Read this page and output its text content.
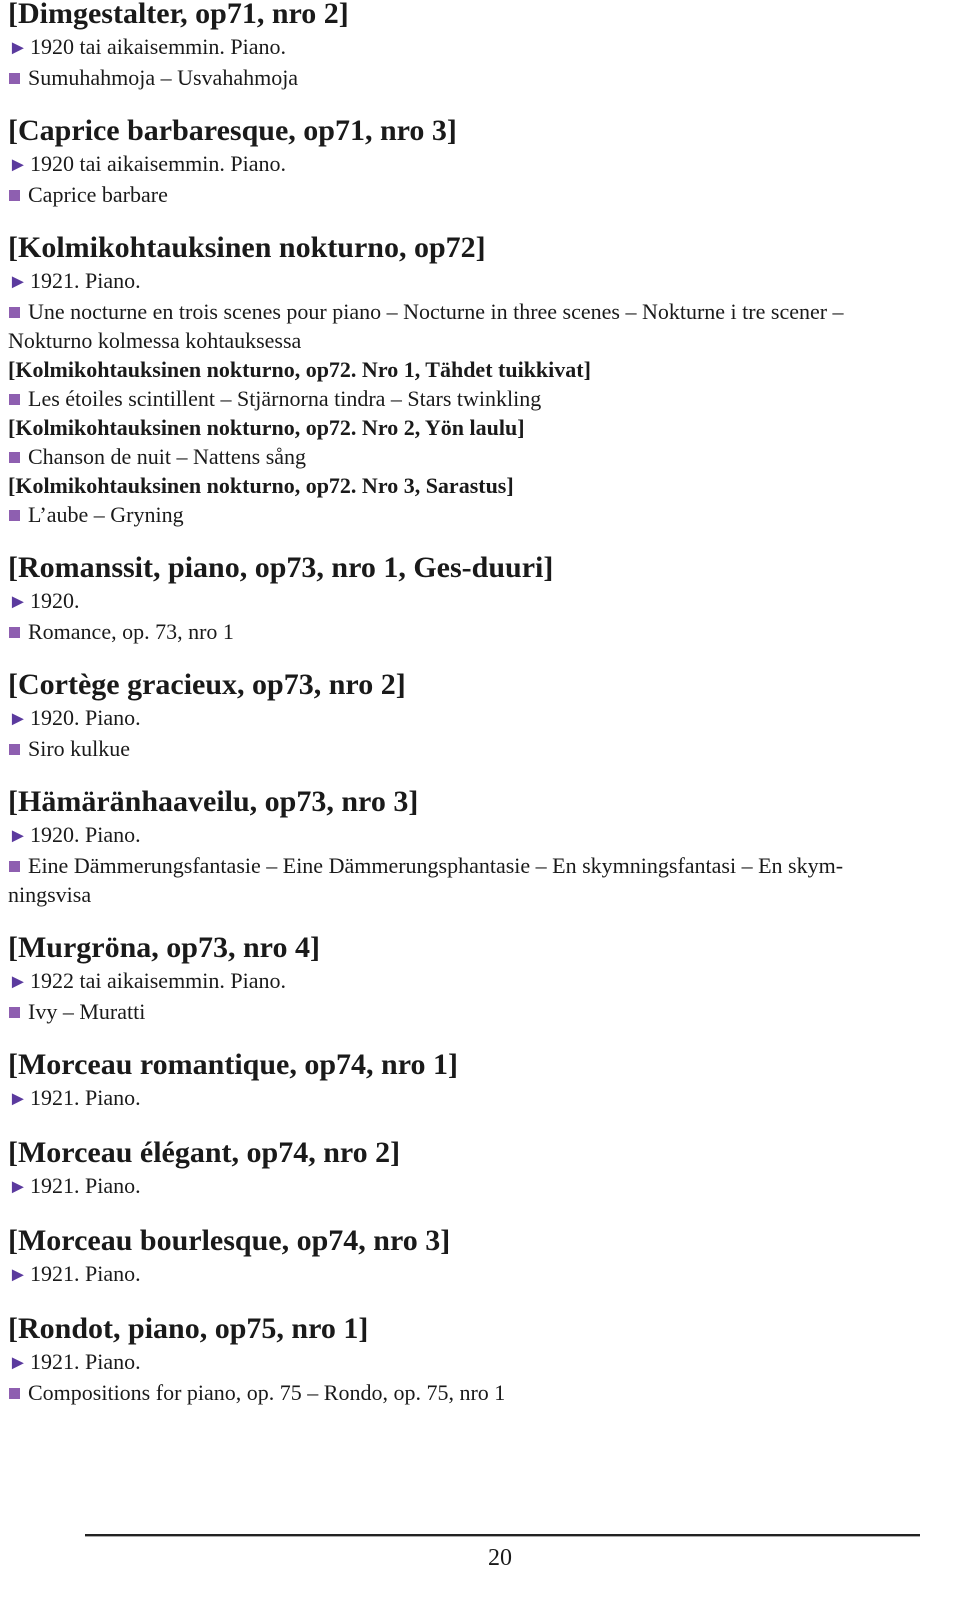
[Dimgestalter, op71, nro 2]

► 1920 tai aikaisemmin. Piano.

Sumuhahmoja – Usvahahmoja

[Caprice barbaresque, op71, nro 3]

► 1920 tai aikaisemmin. Piano.

Caprice barbare

[Kolmikohtauksinen nokturno, op72]

► 1921. Piano.

Une nocturne en trois scenes pour piano – Nocturne in three scenes – Nokturne i tre scener –

Nokturno kolmessa kohtauksessa

[Kolmikohtauksinen nokturno, op72. Nro 1, Tähdet tuikkivat]

Les étoiles scintillent – Stjärnorna tindra – Stars twinkling

[Kolmikohtauksinen nokturno, op72. Nro 2, Yön laulu]

Chanson de nuit – Nattens sång

[Kolmikohtauksinen nokturno, op72. Nro 3, Sarastus]

L’aube – Gryning

[Romanssit, piano, op73, nro 1, Ges-duuri]

► 1920.

Romance, op. 73, nro 1

[Cortège gracieux, op73, nro 2]

► 1920. Piano.

Siro kulkue

[Hämäränhaaveilu, op73, nro 3]

► 1920. Piano.

Eine Dämmerungsfantasie – Eine Dämmerungsphantasie – En skymningsfantasi – En skym-

ningsvisa

[Murgröna, op73, nro 4]

► 1922 tai aikaisemmin. Piano.

Ivy – Muratti

[Morceau romantique, op74, nro 1]

► 1921. Piano.

[Morceau élégant, op74, nro 2]

► 1921. Piano.

[Morceau bourlesque, op74, nro 3]

► 1921. Piano.

[Rondot, piano, op75, nro 1]

► 1921. Piano.

Compositions for piano, op. 75 – Rondo, op. 75, nro 1

20
